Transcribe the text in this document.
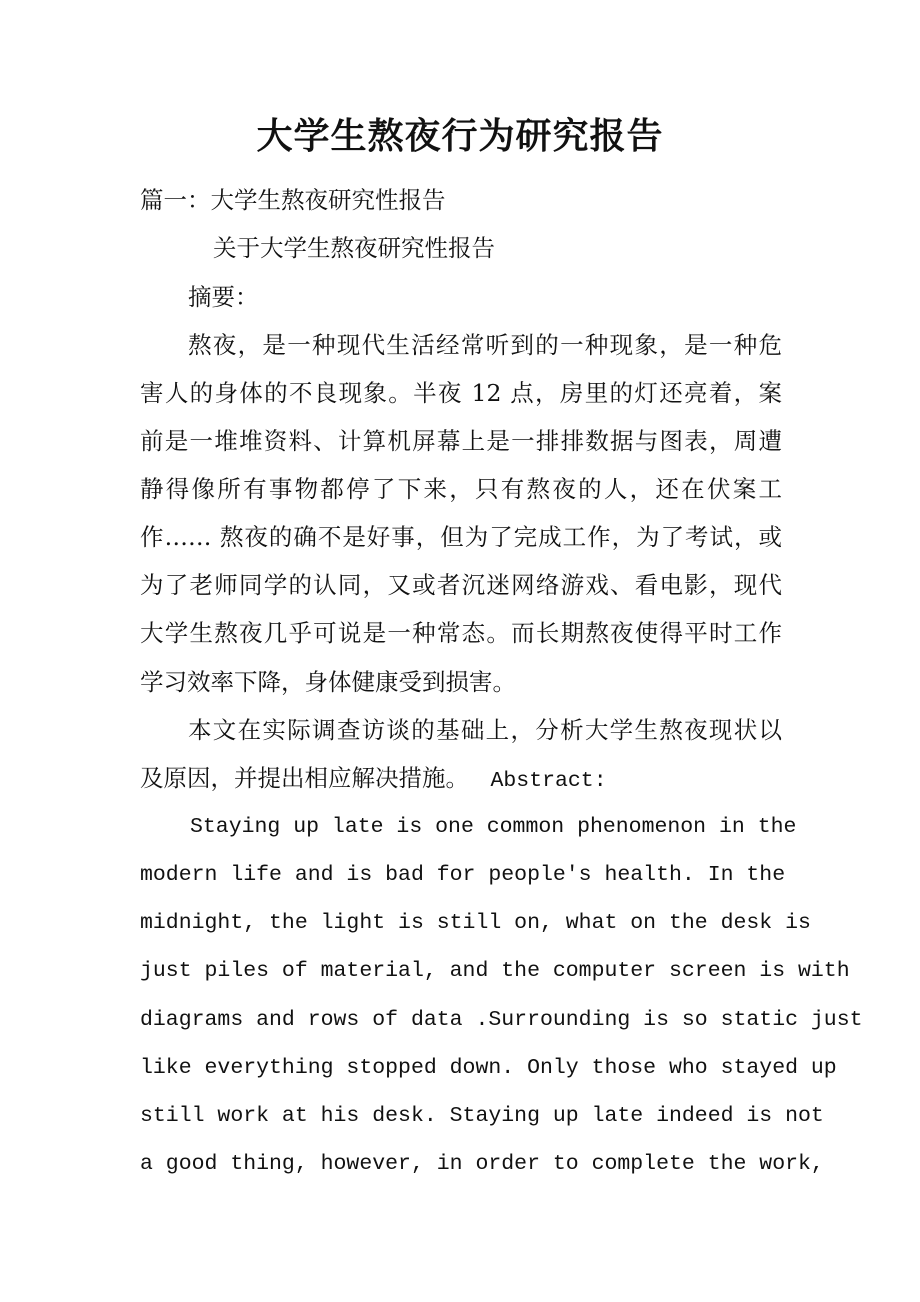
大学生熬夜行为研究报告
篇一：大学生熬夜研究性报告
关于大学生熬夜研究性报告
摘要：
熬夜，是一种现代生活经常听到的一种现象，是一种危
害人的身体的不良现象。半夜 12 点，房里的灯还亮着，案
前是一堆堆资料、计算机屏幕上是一排排数据与图表，周遭
静得像所有事物都停了下来，只有熬夜的人，还在伏案工
作…… 熬夜的确不是好事，但为了完成工作，为了考试，或
为了老师同学的认同，又或者沉迷网络游戏、看电影，现代
大学生熬夜几乎可说是一种常态。而长期熬夜使得平时工作
学习效率下降，身体健康受到损害。
本文在实际调查访谈的基础上，分析大学生熬夜现状以
及原因，并提出相应解决措施。 Abstract:
Staying up late is one common phenomenon in the
modern life and is bad for people's health. In the
midnight, the light is still on, what on the desk is
just piles of material, and the computer screen is with
diagrams and rows of data .Surrounding is so static just
like everything stopped down. Only those who stayed up
still work at his desk. Staying up late indeed is not
a good thing, however, in order to complete the work,
